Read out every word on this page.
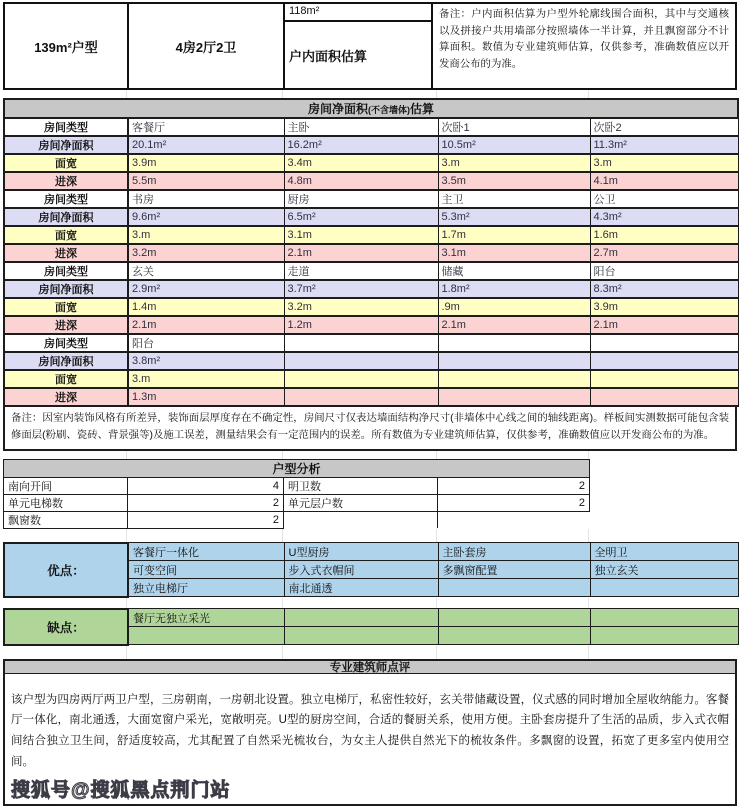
139m²户型	4房2厅2卫
118m²
户内面积估算
备注：户内面积估算为户型外轮廓线围合面积，其中与交通核以及拼接户共用墙部分按照墙体一半计算，并且飘窗部分不计算面积。数值为专业建筑师估算，仅供参考，准确数值应以开发商公布的为准。
房间净面积(不含墙体)估算				
房间类型	客餐厅	主卧	次卧1	次卧2
房间净面积	20.1m²	16.2m²	10.5m²	11.3m²
面宽	3.9m	3.4m	3.m	3.m
进深	5.5m	4.8m	3.5m	4.1m
房间类型	书房	厨房	主卫	公卫
房间净面积	9.6m²	6.5m²	5.3m²	4.3m²
面宽	3.m	3.1m	1.7m	1.6m
进深	3.2m	2.1m	3.1m	2.7m
房间类型	玄关	走道	储藏	阳台
房间净面积	2.9m²	3.7m²	1.8m²	8.3m²
面宽	1.4m	3.2m	.9m	3.9m
进深	2.1m	1.2m	2.1m	2.1m
房间类型	阳台			
房间净面积	3.8m²			
面宽	3.m			
进深	1.3m			
备注：因室内装饰风格有所差异，装饰面层厚度存在不确定性，房间尺寸仅表达墙面结构净尺寸(非墙体中心线之间的轴线距离)。样板间实测数据可能包含装修面层(粉刷、瓷砖、背景强等)及施工误差，测量结果会有一定范围内的误差。所有数值为专业建筑师估算，仅供参考，准确数值应以开发商公布的为准。
户型分析			
南向开间	4	明卫数	2
单元电梯数	2	单元层户数	2
飘窗数	2		
优点：	客餐厅一体化	U型厨房	主卧套房	全明卫
	可变空间	步入式衣帽间	多飘窗配置	独立玄关
	独立电梯厅	南北通透		
缺点：	餐厅无独立采光			

专业建筑师点评

该户型为四房两厅两卫户型，三房朝南，一房朝北设置。独立电梯厅，私密性较好，玄关带储藏设置，仪式感的同时增加全屋收纳能力。客餐厅一体化，南北通透，大面宽窗户采光，宽敞明亮。U型的厨房空间，合适的餐厨关系，使用方便。主卧套房提升了生活的品质，步入式衣帽间结合独立卫生间，舒适度较高，尤其配置了自然采光梳妆台，为女主人提供自然光下的梳妆条件。多飘窗的设置，拓宽了更多室内使用空间。

搜狐号@搜狐黑点荆门站
